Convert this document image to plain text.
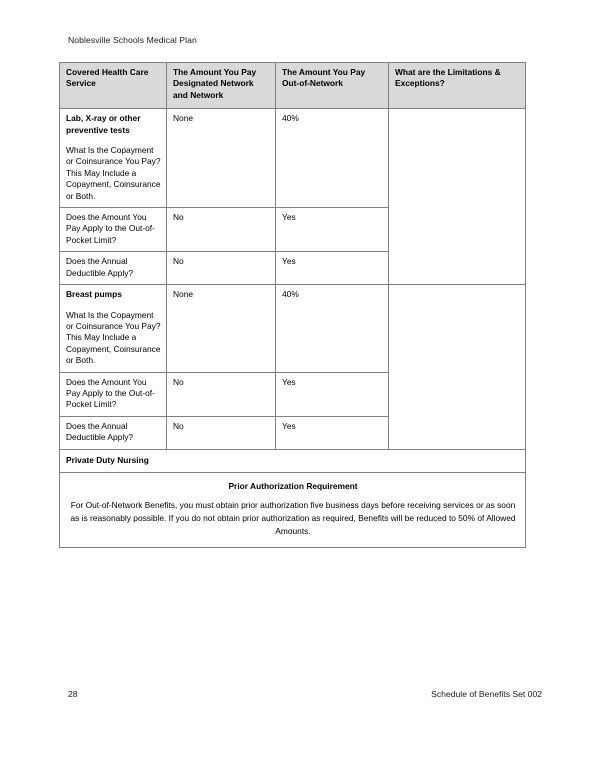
Noblesville Schools Medical Plan
Covered Health Care Service	The Amount You Pay Designated Network and Network	The Amount You Pay Out-of-Network	What are the Limitations & Exceptions?

Lab, X-ray or other preventive tests
What Is the Copayment or Coinsurance You Pay? This May Include a Copayment, Coinsurance or Both.	None	40%	
Does the Amount You Pay Apply to the Out-of-Pocket Limit?	No	Yes	
Does the Annual Deductible Apply?	No	Yes	

Breast pumps
What Is the Copayment or Coinsurance You Pay? This May Include a Copayment, Coinsurance or Both.	None	40%	
Does the Amount You Pay Apply to the Out-of-Pocket Limit?	No	Yes	
Does the Annual Deductible Apply?	No	Yes	
Private Duty Nursing			
Prior Authorization Requirement			
For Out-of-Network Benefits, you must obtain prior authorization five business days before receiving services or as soon as is reasonably possible. If you do not obtain prior authorization as required, Benefits will be reduced to 50% of Allowed Amounts.			
28	Schedule of Benefits Set 002
